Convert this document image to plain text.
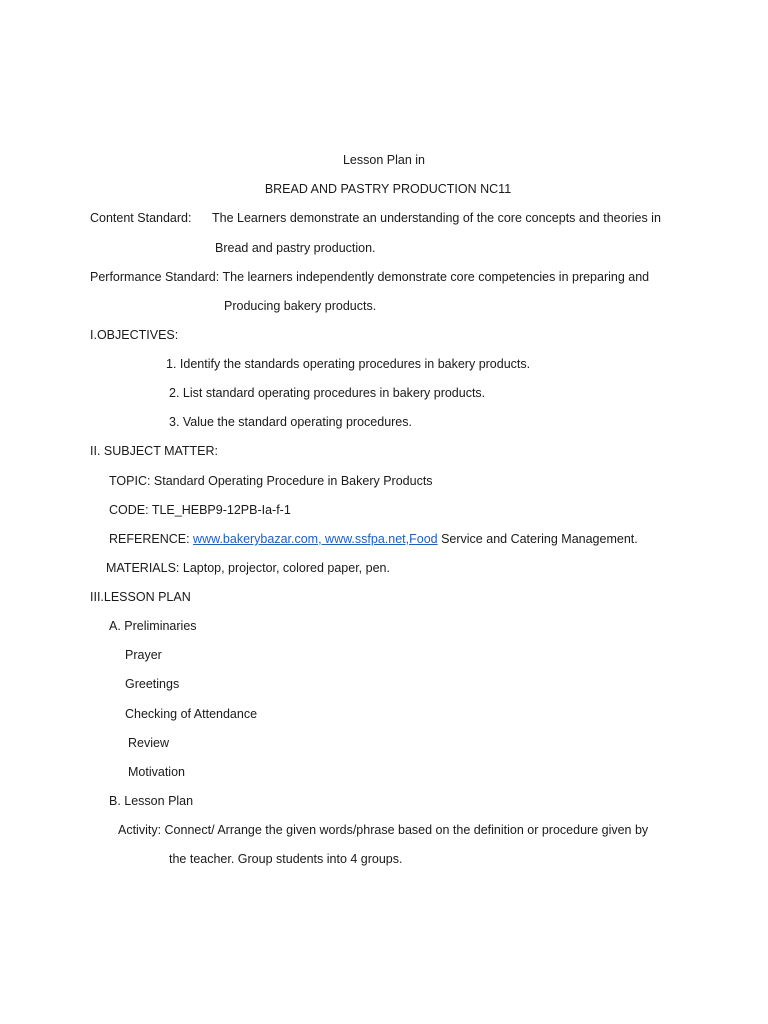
Lesson Plan in
BREAD AND PASTRY PRODUCTION NC11
Content Standard: The Learners demonstrate an understanding of the core concepts and theories in
Bread and pastry production.
Performance Standard: The learners independently demonstrate core competencies in preparing and
Producing bakery products.
I.OBJECTIVES:
1. Identify the standards operating procedures in bakery products.
2. List standard operating procedures in bakery products.
3. Value the standard operating procedures.
II. SUBJECT MATTER:
TOPIC: Standard Operating Procedure in Bakery Products
CODE: TLE_HEBP9-12PB-Ia-f-1
REFERENCE: www.bakerybazar.com, www.ssfpa.net,Food Service and Catering Management.
MATERIALS: Laptop, projector, colored paper, pen.
III.LESSON PLAN
A. Preliminaries
Prayer
Greetings
Checking of Attendance
Review
Motivation
B. Lesson Plan
Activity: Connect/ Arrange the given words/phrase based on the definition or procedure given by
the teacher. Group students into 4 groups.
